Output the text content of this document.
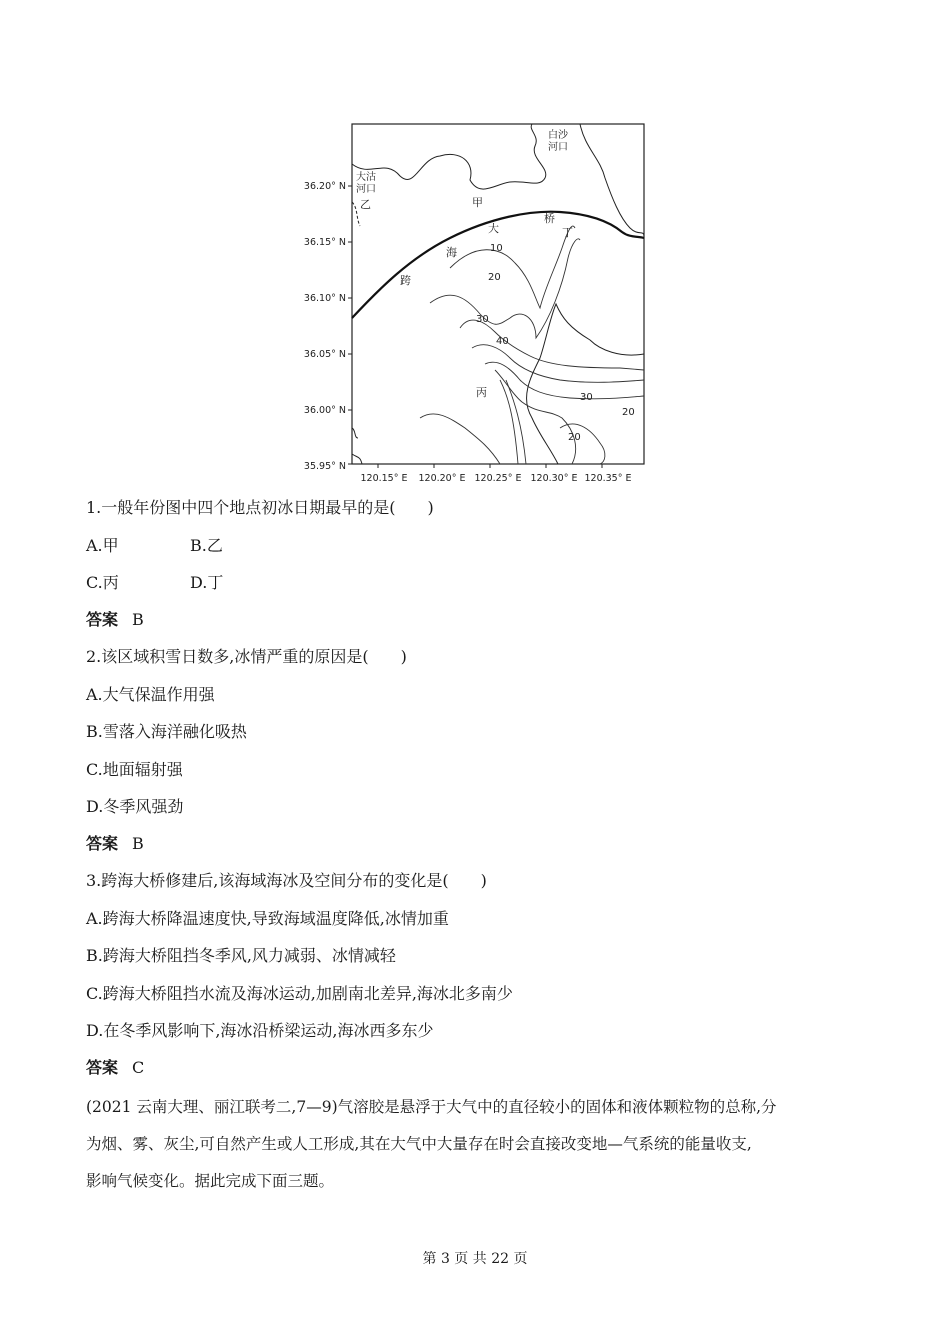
36.20° N
36.15° N
36.10° N
36.05° N
36.00° N
35.95° N
120.15° E 120.20° E 120.25° E 120.30° E 120.35° E
白沙
河口
大沽
河口
乙	甲
丙
丁
跨
海
大
桥
10
20
30
40
30
20
20
1.一般年份图中四个地点初冰日期最早的是(　　)
A.甲	B.乙
C.丙	D.丁
答案 B
2.该区域积雪日数多,冰情严重的原因是(　　)
A.大气保温作用强
B.雪落入海洋融化吸热
C.地面辐射强
D.冬季风强劲
答案 B
3.跨海大桥修建后,该海域海冰及空间分布的变化是(　　)
A.跨海大桥降温速度快,导致海域温度降低,冰情加重
B.跨海大桥阻挡冬季风,风力减弱、冰情减轻
C.跨海大桥阻挡水流及海冰运动,加剧南北差异,海冰北多南少
D.在冬季风影响下,海冰沿桥梁运动,海冰西多东少
答案 C
(2021 云南大理、丽江联考二,7—9)气溶胶是悬浮于大气中的直径较小的固体和液体颗粒物的总称,分
为烟、雾、灰尘,可自然产生或人工形成,其在大气中大量存在时会直接改变地—气系统的能量收支,
影响气候变化。据此完成下面三题。
第 3 页 共 22 页
